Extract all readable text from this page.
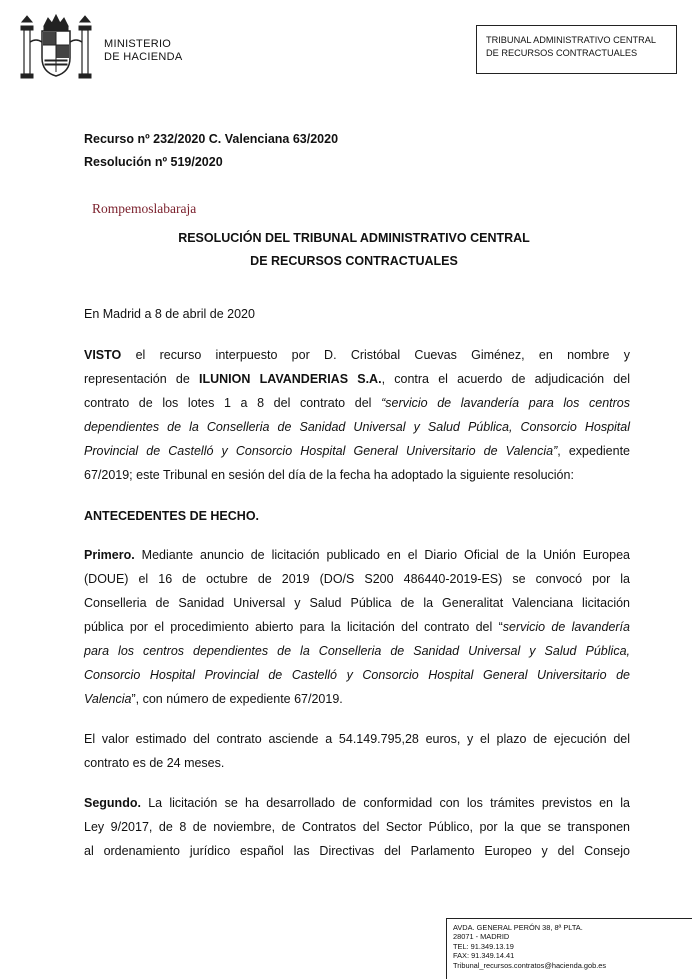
MINISTERIO
DE HACIENDA
TRIBUNAL ADMINISTRATIVO CENTRAL
DE RECURSOS CONTRACTUALES
Recurso nº 232/2020 C. Valenciana 63/2020
Resolución nº 519/2020
Rompemoslabaraja
RESOLUCIÓN DEL TRIBUNAL ADMINISTRATIVO CENTRAL
DE RECURSOS CONTRACTUALES
En Madrid a 8 de abril de 2020
VISTO el recurso interpuesto por D. Cristóbal Cuevas Giménez, en nombre y
representación de ILUNION LAVANDERIAS S.A., contra el acuerdo de adjudicación del
contrato de los lotes 1 a 8 del contrato del “servicio de lavandería para los centros
dependientes de la Conselleria de Sanidad Universal y Salud Pública, Consorcio Hospital
Provincial de Castelló y Consorcio Hospital General Universitario de Valencia”, expediente
67/2019; este Tribunal en sesión del día de la fecha ha adoptado la siguiente resolución:
ANTECEDENTES DE HECHO.
Primero. Mediante anuncio de licitación publicado en el Diario Oficial de la Unión Europea
(DOUE) el 16 de octubre de 2019 (DO/S S200 486440-2019-ES) se convocó por la
Conselleria de Sanidad Universal y Salud Pública de la Generalitat Valenciana licitación
pública por el procedimiento abierto para la licitación del contrato del “servicio de lavandería
para los centros dependientes de la Conselleria de Sanidad Universal y Salud Pública,
Consorcio Hospital Provincial de Castelló y Consorcio Hospital General Universitario de
Valencia”, con número de expediente 67/2019.
El valor estimado del contrato asciende a 54.149.795,28 euros, y el plazo de ejecución del
contrato es de 24 meses.
Segundo. La licitación se ha desarrollado de conformidad con los trámites previstos en la
Ley 9/2017, de 8 de noviembre, de Contratos del Sector Público, por la que se transponen
al ordenamiento jurídico español las Directivas del Parlamento Europeo y del Consejo
AVDA. GENERAL PERÓN 38, 8ª PLTA.
28071 - MADRID
TEL: 91.349.13.19
FAX: 91.349.14.41
Tribunal_recursos.contratos@hacienda.gob.es
